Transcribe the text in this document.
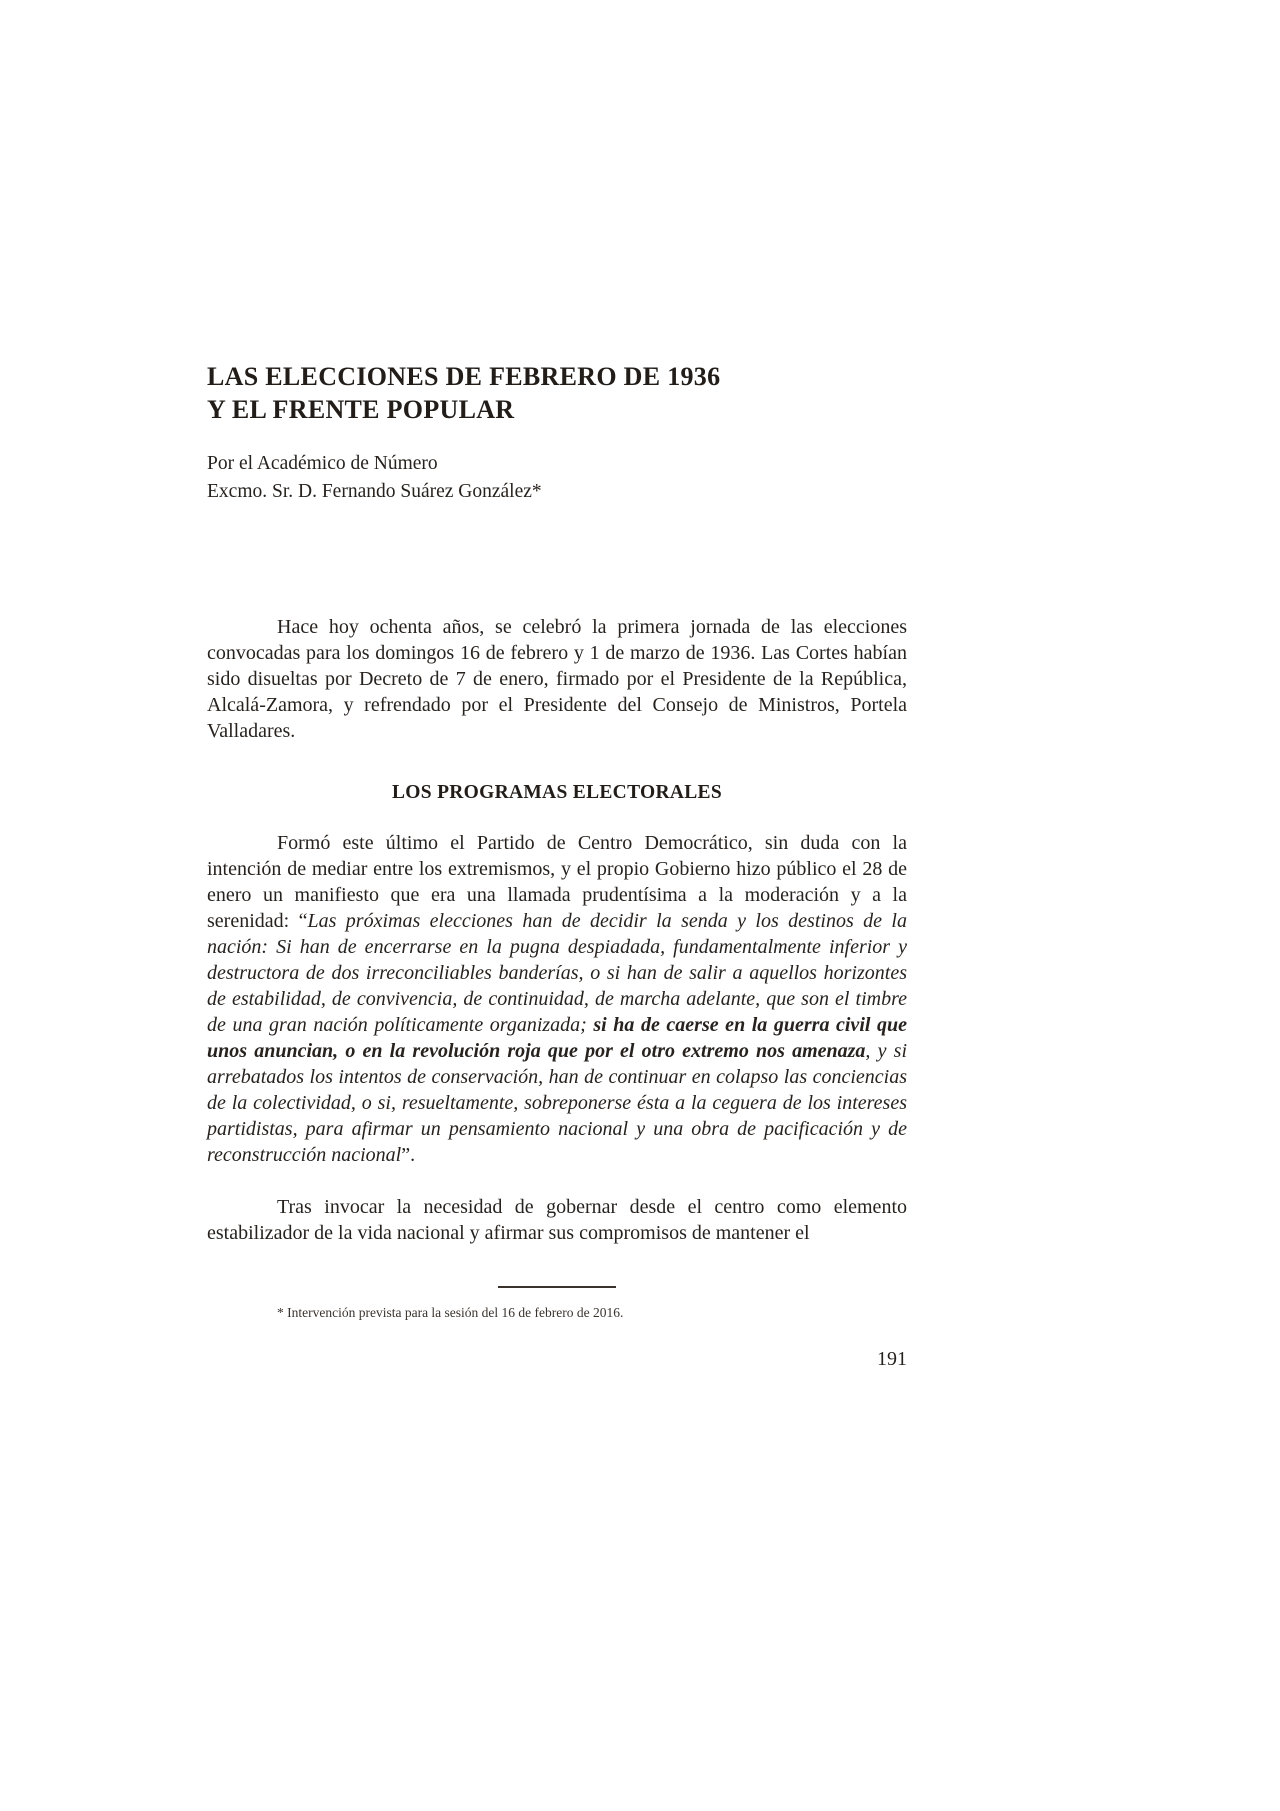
LAS ELECCIONES DE FEBRERO DE 1936
Y EL FRENTE POPULAR
Por el Académico de Número
Excmo. Sr. D. Fernando Suárez González*

Hace hoy ochenta años, se celebró la primera jornada de las elecciones convocadas para los domingos 16 de febrero y 1 de marzo de 1936. Las Cortes habían sido disueltas por Decreto de 7 de enero, firmado por el Presidente de la República, Alcalá-Zamora, y refrendado por el Presidente del Consejo de Ministros, Portela Valladares.

LOS PROGRAMAS ELECTORALES

Formó este último el Partido de Centro Democrático, sin duda con la intención de mediar entre los extremismos, y el propio Gobierno hizo público el 28 de enero un manifiesto que era una llamada prudentísima a la moderación y a la serenidad: “Las próximas elecciones han de decidir la senda y los destinos de la nación: Si han de encerrarse en la pugna despiadada, fundamentalmente inferior y destructora de dos irreconciliables banderías, o si han de salir a aquellos horizontes de estabilidad, de convivencia, de continuidad, de marcha adelante, que son el timbre de una gran nación políticamente organizada; si ha de caerse en la guerra civil que unos anuncian, o en la revolución roja que por el otro extremo nos amenaza, y si arrebatados los intentos de conservación, han de continuar en colapso las conciencias de la colectividad, o si, resueltamente, sobreponerse ésta a la ceguera de los intereses partidistas, para afirmar un pensamiento nacional y una obra de pacificación y de reconstrucción nacional”.

Tras invocar la necesidad de gobernar desde el centro como elemento estabilizador de la vida nacional y afirmar sus compromisos de mantener el

* Intervención prevista para la sesión del 16 de febrero de 2016.
191
